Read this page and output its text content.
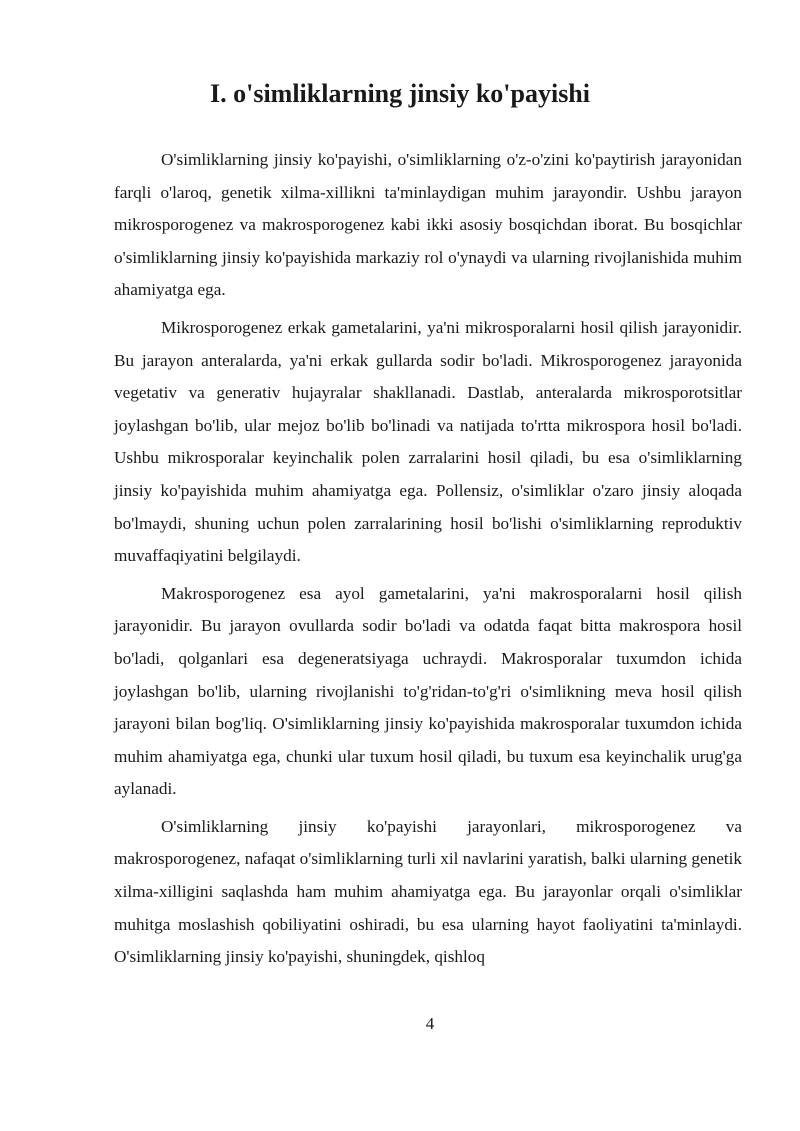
I. o'simliklarning jinsiy ko'payishi

O'simliklarning jinsiy ko'payishi, o'simliklarning o'z-o'zini ko'paytirish jarayonidan farqli o'laroq, genetik xilma-xillikni ta'minlaydigan muhim jarayondir. Ushbu jarayon mikrosporogenez va makrosporogenez kabi ikki asosiy bosqichdan iborat. Bu bosqichlar o'simliklarning jinsiy ko'payishida markaziy rol o'ynaydi va ularning rivojlanishida muhim ahamiyatga ega.

Mikrosporogenez erkak gametalarini, ya'ni mikrosporalarni hosil qilish jarayonidir. Bu jarayon anteralarda, ya'ni erkak gullarda sodir bo'ladi. Mikrosporogenez jarayonida vegetativ va generativ hujayralar shakllanadi. Dastlab, anteralarda mikrosporotsitlar joylashgan bo'lib, ular mejoz bo'lib bo'linadi va natijada to'rtta mikrospora hosil bo'ladi. Ushbu mikrosporalar keyinchalik polen zarralarini hosil qiladi, bu esa o'simliklarning jinsiy ko'payishida muhim ahamiyatga ega. Pollensiz, o'simliklar o'zaro jinsiy aloqada bo'lmaydi, shuning uchun polen zarralarining hosil bo'lishi o'simliklarning reproduktiv muvaffaqiyatini belgilaydi.

Makrosporogenez esa ayol gametalarini, ya'ni makrosporalarni hosil qilish jarayonidir. Bu jarayon ovullarda sodir bo'ladi va odatda faqat bitta makrospora hosil bo'ladi, qolganlari esa degeneratsiyaga uchraydi. Makrosporalar tuxumdon ichida joylashgan bo'lib, ularning rivojlanishi to'g'ridan-to'g'ri o'simlikning meva hosil qilish jarayoni bilan bog'liq. O'simliklarning jinsiy ko'payishida makrosporalar tuxumdon ichida muhim ahamiyatga ega, chunki ular tuxum hosil qiladi, bu tuxum esa keyinchalik urug'ga aylanadi.

O'simliklarning jinsiy ko'payishi jarayonlari, mikrosporogenez va makrosporogenez, nafaqat o'simliklarning turli xil navlarini yaratish, balki ularning genetik xilma-xilligini saqlashda ham muhim ahamiyatga ega. Bu jarayonlar orqali o'simliklar muhitga moslashish qobiliyatini oshiradi, bu esa ularning hayot faoliyatini ta'minlaydi. O'simliklarning jinsiy ko'payishi, shuningdek, qishloq

4
